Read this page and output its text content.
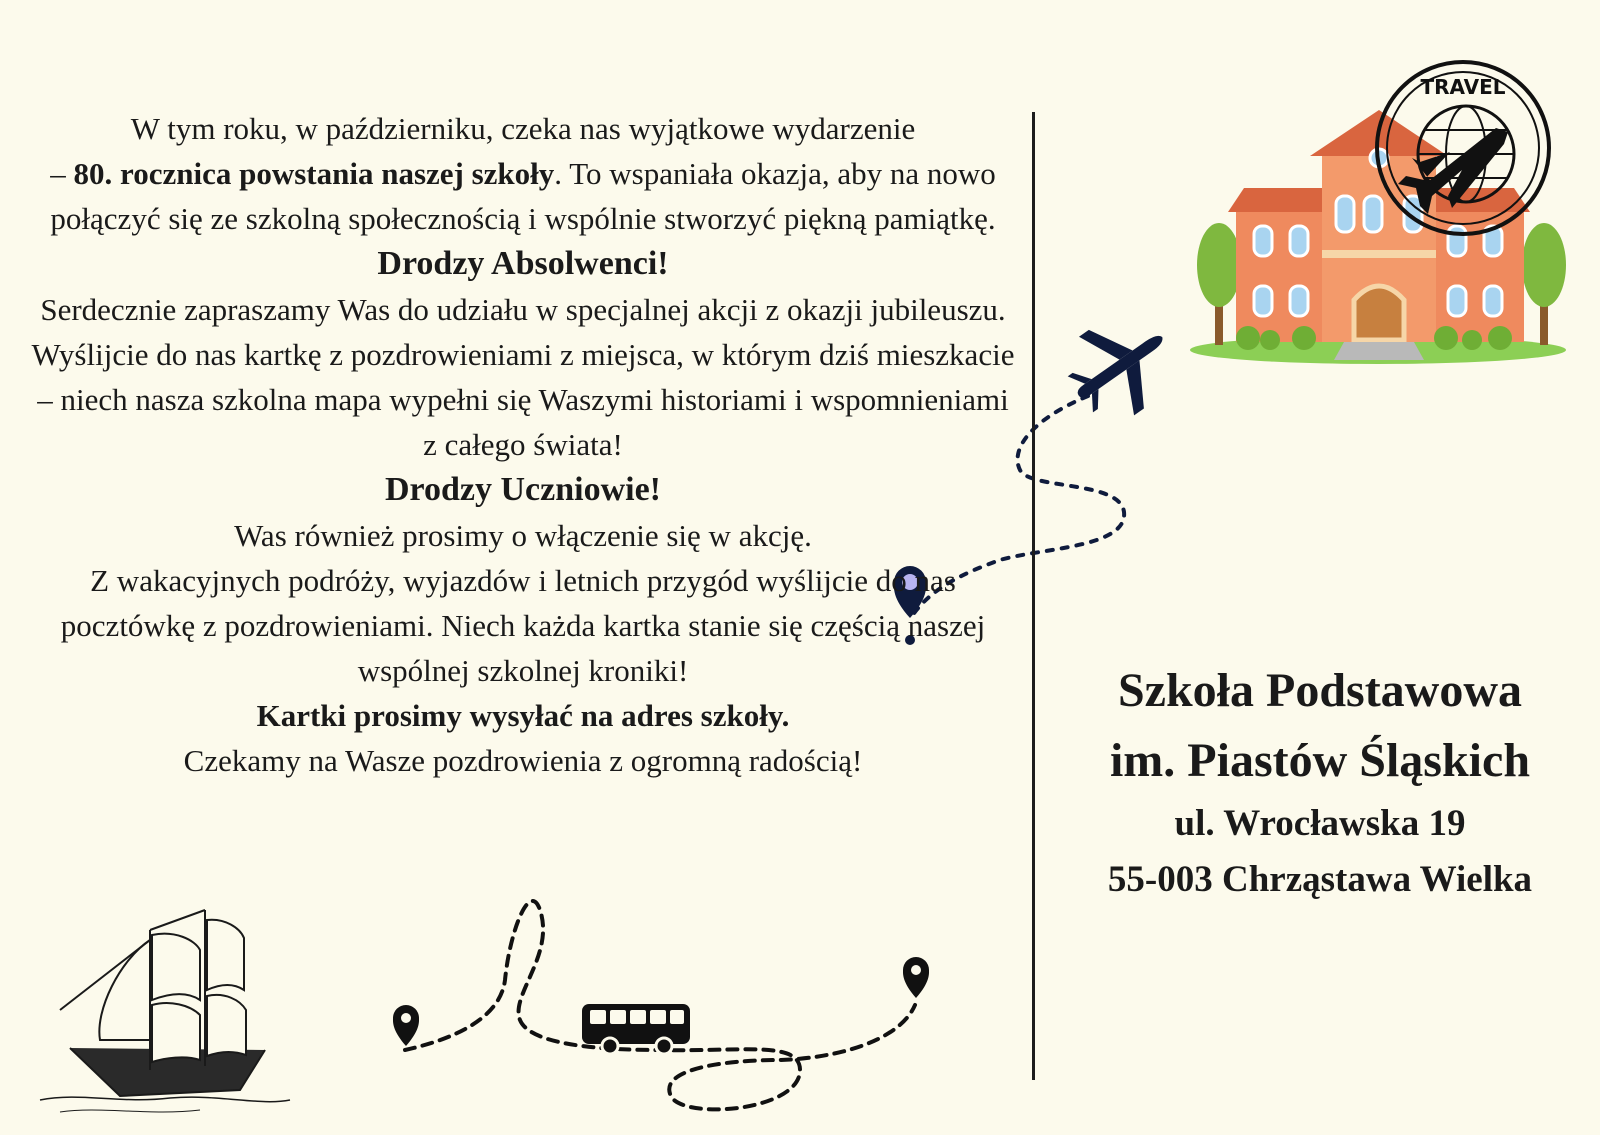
TRAVEL

W tym roku, w październiku, czeka nas wyjątkowe wydarzenie
– 80. rocznica powstania naszej szkoły. To wspaniała okazja, aby na nowo połączyć się ze szkolną społecznością i wspólnie stworzyć piękną pamiątkę.

Drodzy Absolwenci!

Serdecznie zapraszamy Was do udziału w specjalnej akcji z okazji jubileuszu.

Wyślijcie do nas kartkę z pozdrowieniami z miejsca, w którym dziś mieszkacie – niech nasza szkolna mapa wypełni się Waszymi historiami i wspomnieniami z całego świata!

Drodzy Uczniowie!

Was również prosimy o włączenie się w akcję.

Z wakacyjnych podróży, wyjazdów i letnich przygód wyślijcie do nas pocztówkę z pozdrowieniami. Niech każda kartka stanie się częścią naszej wspólnej szkolnej kroniki!

Kartki prosimy wysyłać na adres szkoły.

Czekamy na Wasze pozdrowienia z ogromną radością!

Szkoła Podstawowa
im. Piastów Śląskich
ul. Wrocławska 19
55-003 Chrząstawa Wielka
